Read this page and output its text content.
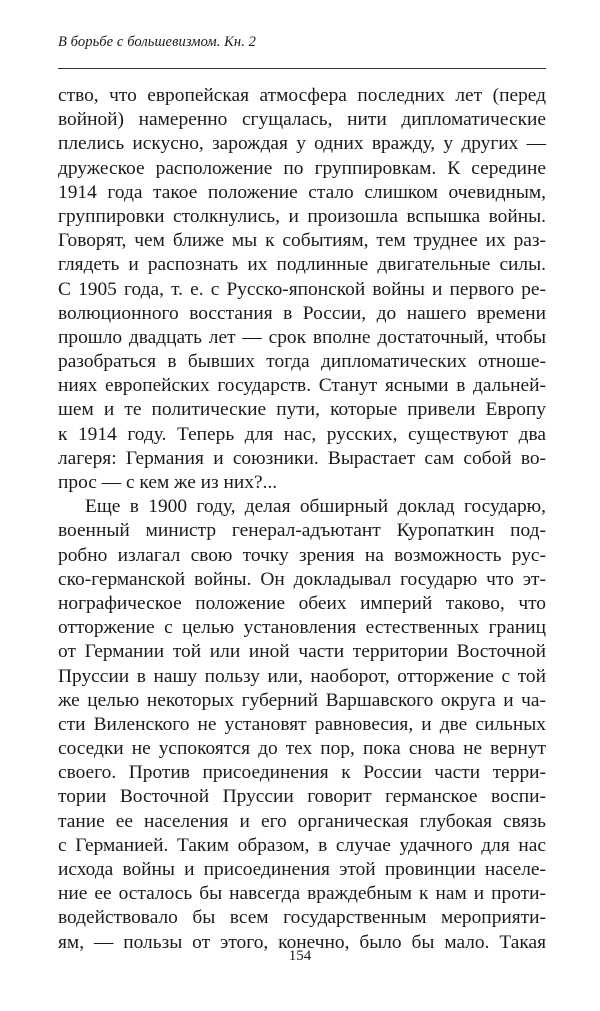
В борьбе с большевизмом. Кн. 2
ство, что европейская атмосфера последних лет (перед
войной) намеренно сгущалась, нити дипломатические
плелись искусно, зарождая у одних вражду, у других —
дружеское расположение по группировкам. К середине
1914 года такое положение стало слишком очевидным,
группировки столкнулись, и произошла вспышка войны.
Говорят, чем ближе мы к событиям, тем труднее их раз-
глядеть и распознать их подлинные двигательные силы.
С 1905 года, т. е. с Русско-японской войны и первого ре-
волюционного восстания в России, до нашего времени
прошло двадцать лет — срок вполне достаточный, чтобы
разобраться в бывших тогда дипломатических отноше-
ниях европейских государств. Станут ясными в дальней-
шем и те политические пути, которые привели Европу
к 1914 году. Теперь для нас, русских, существуют два
лагеря: Германия и союзники. Вырастает сам собой во-
прос — с кем же из них?...
Еще в 1900 году, делая обширный доклад государю,
военный министр генерал-адъютант Куропаткин под-
робно излагал свою точку зрения на возможность рус-
ско-германской войны. Он докладывал государю что эт-
нографическое положение обеих империй таково, что
отторжение с целью установления естественных границ
от Германии той или иной части территории Восточной
Пруссии в нашу пользу или, наоборот, отторжение с той
же целью некоторых губерний Варшавского округа и ча-
сти Виленского не установят равновесия, и две сильных
соседки не успокоятся до тех пор, пока снова не вернут
своего. Против присоединения к России части терри-
тории Восточной Пруссии говорит германское воспи-
тание ее населения и его органическая глубокая связь
с Германией. Таким образом, в случае удачного для нас
исхода войны и присоединения этой провинции населе-
ние ее осталось бы навсегда враждебным к нам и проти-
водействовало бы всем государственным мероприяти-
ям, — пользы от этого, конечно, было бы мало. Такая
154
